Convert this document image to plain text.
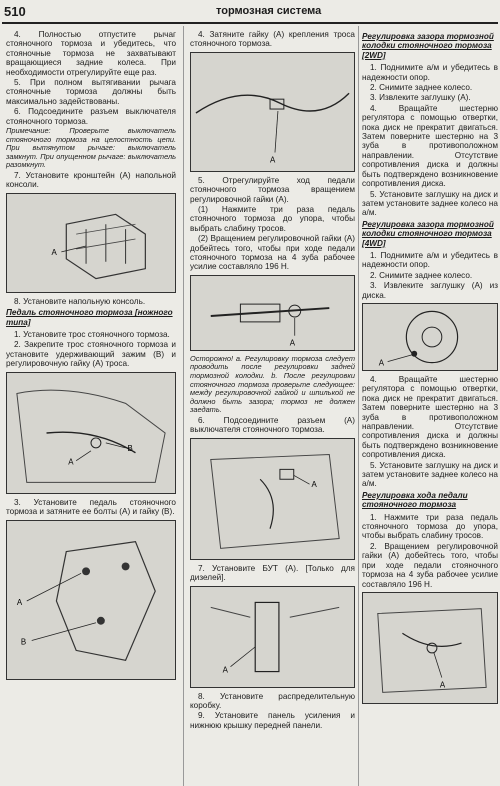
510	тормозная система

4. Полностью отпустите рычаг стояночного тормоза и убедитесь, что стояночные тормоза не захватывают вращающиеся задние колеса. При необходимости отрегулируйте еще раз.

5. При полном вытягивании рычага стояночные тормоза должны быть максимально задействованы.

6. Подсоедините разъем выключателя стояночного тормоза.

Примечание: Проверьте выключатель стояночного тормоза на целостность цепи. При вытянутом рычаге: выключатель замкнут. При опущенном рычаге: выключатель разомкнут.

7. Установите кронштейн (А) напольной консоли.

A

8. Установите напольную консоль.

Педаль стояночного тормоза [ножного типа]

1. Установите трос стояночного тормоза.

2. Закрепите трос стояночного тормоза и установите удерживающий зажим (В) и регулировочную гайку (А) троса.

B
A

3. Установите педаль стояночного тормоза и затяните ее болты (А) и гайку (В).

A
B

4. Затяните гайку (А) крепления троса стояночного тормоза.

A

5. Отрегулируйте ход педали стояночного тормоза вращением регулировочной гайки (А).

(1) Нажмите три раза педаль стояночного тормоза до упора, чтобы выбрать слабину тросов.

(2) Вращением регулировочной гайки (А) добейтесь того, чтобы при ходе педали стояночного тормоза на 4 зуба рабочее усилие составляло 196 Н.

A

Осторожно! а. Регулировку тормоза следует проводить после регулировки задней тормозной колодки. b. После регулировки стояночного тормоза проверьте следующее: между регулировочной гайкой и шпилькой не должно быть зазора; тормоз не должен заедать.

6. Подсоедините разъем (А) выключателя стояночного тормоза.

A

7. Установите БУТ (А). [Только для дизелей].

A

8. Установите распределительную коробку.

9. Установите панель усиления и нижнюю крышку передней панели.

Регулировка зазора тормозной колодки стояночного тормоза [2WD]

1. Поднимите а/м и убедитесь в надежности опор.

2. Снимите заднее колесо.

3. Извлеките заглушку (А).

4. Вращайте шестерню регулятора с помощью отвертки, пока диск не прекратит двигаться. Затем поверните шестерню на 3 зуба в противоположном направлении. Отсутствие сопротивления диска и должны быть подтверждено возникновение сопротивления диска.

5. Установите заглушку на диск и затем установите заднее колесо на а/м.

Регулировка зазора тормозной колодки стояночного тормоза [4WD]

1. Поднимите а/м и убедитесь в надежности опор.

2. Снимите заднее колесо.

3. Извлеките заглушку (А) из диска.

A

4. Вращайте шестерню регулятора с помощью отвертки, пока диск не прекратит двигаться. Затем поверните шестерню на 3 зуба в противоположном направлении. Отсутствие сопротивления диска и должны быть подтверждено возникновение сопротивления диска.

5. Установите заглушку на диск и затем установите заднее колесо на а/м.

Регулировка хода педали стояночного тормоза

1. Нажмите три раза педаль стояночного тормоза до упора, чтобы выбрать слабину тросов.

2. Вращением регулировочной гайки (А) добейтесь того, чтобы при ходе педали стояночного тормоза на 4 зуба рабочее усилие составляло 196 Н.

A
